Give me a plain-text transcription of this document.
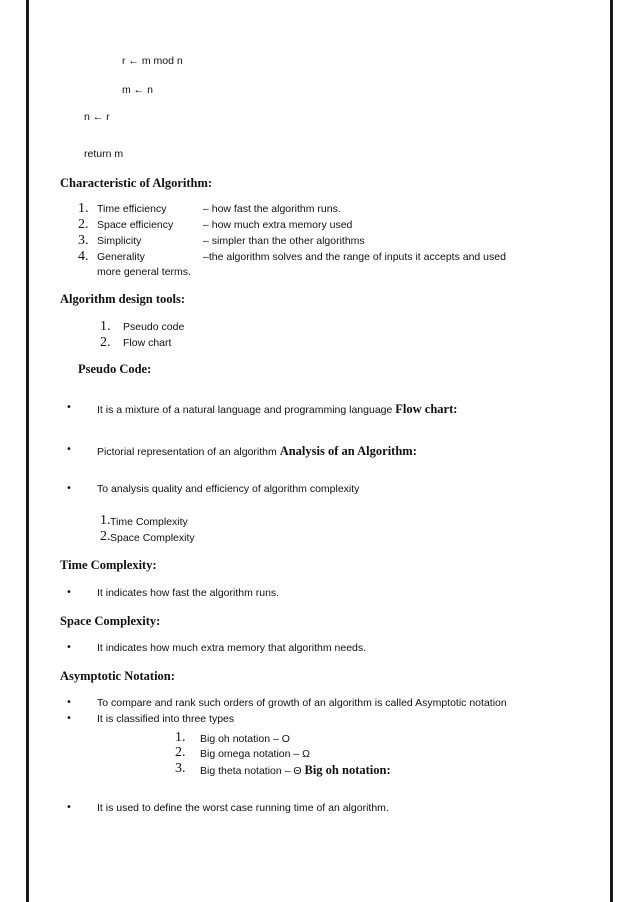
r ← m mod n
m ← n
n ← r
return m
Characteristic of Algorithm:
1. Time efficiency	– how fast the algorithm runs.
2. Space efficiency	– how much extra memory used
3. Simplicity	– simpler than the other algorithms
4. Generality	–the algorithm solves and the range of inputs it accepts and used
more general terms.
Algorithm design tools:
1. Pseudo code
2. Flow chart
Pseudo Code:
• It is a mixture of a natural language and programming language Flow chart:
• Pictorial representation of an algorithm Analysis of an Algorithm:
• To analysis quality and efficiency of algorithm complexity
1. Time Complexity
2. Space Complexity
Time Complexity:
• It indicates how fast the algorithm runs.
Space Complexity:
• It indicates how much extra memory that algorithm needs.
Asymptotic Notation:
• To compare and rank such orders of growth of an algorithm is called Asymptotic notation
• It is classified into three types
1. Big oh notation – O
2. Big omega notation – Ω
3. Big theta notation – Θ Big oh notation:
• It is used to define the worst case running time of an algorithm.
